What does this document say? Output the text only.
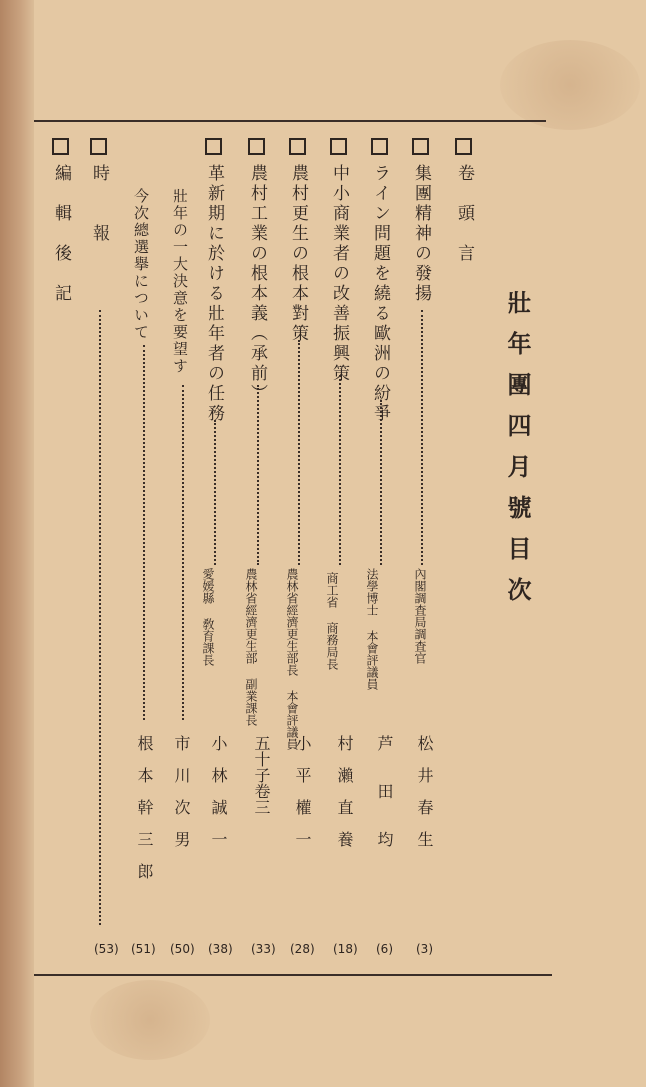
壯年團四月號目次
卷　頭　言
集團精神の發揚
內閣調査局調査官
松　井　春　生
(3)
ライン問題を繞る歐洲の紛爭
法學博士 本會評議員
芦　　田　　均
(6)
中小商業者の改善振興策
商工省 商務局長
村　瀨　直　養
(18)
農村更生の根本對策
農林省經濟更生部長 本會評議員
小　平　權　一
(28)
農村工業の根本義（承前）
農林省經濟更生部 副業課長
五十子卷三
(33)
革新期に於ける壯年者の任務
愛媛縣 敎育課長
小　林　誠　一
(38)
壯年の一大決意を要望す
市　川　次　男
(50)
今次總選擧について
根　本　幹　三　郎
(51)
時　　報
(53)
編　輯　後　記
